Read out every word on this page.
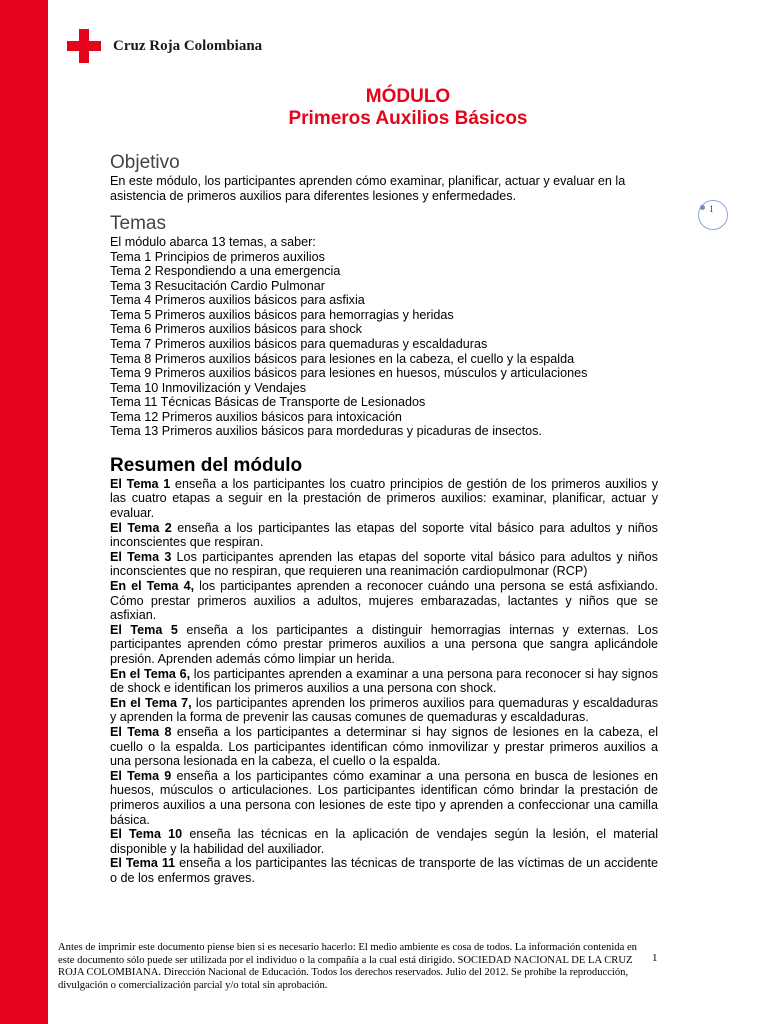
Cruz Roja Colombiana
MÓDULO
Primeros Auxilios Básicos
1
Objetivo
En este módulo, los participantes aprenden cómo examinar, planificar, actuar y evaluar en la asistencia de primeros auxilios para diferentes lesiones y enfermedades.
Temas
El módulo abarca 13 temas, a saber:
Tema 1 Principios de primeros auxilios
Tema 2 Respondiendo a una emergencia
Tema 3 Resucitación Cardio Pulmonar
Tema 4 Primeros auxilios básicos para asfixia
Tema 5 Primeros auxilios básicos para hemorragias y heridas
Tema 6 Primeros auxilios básicos para shock
Tema 7 Primeros auxilios básicos para quemaduras y escaldaduras
Tema 8 Primeros auxilios básicos para lesiones en la cabeza, el cuello y la espalda
Tema 9 Primeros auxilios básicos para lesiones en huesos, músculos y articulaciones
Tema 10 Inmovilización y Vendajes
Tema 11 Técnicas Básicas de Transporte de Lesionados
Tema 12 Primeros auxilios básicos para intoxicación
Tema 13 Primeros auxilios básicos para mordeduras y picaduras de insectos.
Resumen del módulo
El Tema 1 enseña a los participantes los cuatro principios de gestión de los primeros auxilios y las cuatro etapas a seguir en la prestación de primeros auxilios: examinar, planificar, actuar y evaluar.
El Tema 2 enseña a los participantes las etapas del soporte vital básico para adultos y niños inconscientes que respiran.
El Tema 3 Los participantes aprenden las etapas del soporte vital básico para adultos y niños inconscientes que no respiran, que requieren una reanimación cardiopulmonar (RCP)
En el Tema 4, los participantes aprenden a reconocer cuándo una persona se está asfixiando. Cómo prestar primeros auxilios a adultos, mujeres embarazadas, lactantes y niños que se asfixian.
El Tema 5 enseña a los participantes a distinguir hemorragias internas y externas. Los participantes aprenden cómo prestar primeros auxilios a una persona que sangra aplicándole presión. Aprenden además cómo limpiar un herida.
En el Tema 6, los participantes aprenden a examinar a una persona para reconocer si hay signos de shock e identifican los primeros auxilios a una persona con shock.
En el Tema 7, los participantes aprenden los primeros auxilios para quemaduras y escaldaduras y aprenden la forma de prevenir las causas comunes de quemaduras y escaldaduras.
El Tema 8 enseña a los participantes a determinar si hay signos de lesiones en la cabeza, el cuello o la espalda. Los participantes identifican cómo inmovilizar y prestar primeros auxilios a una persona lesionada en la cabeza, el cuello o la espalda.
El Tema 9 enseña a los participantes cómo examinar a una persona en busca de lesiones en huesos, músculos o articulaciones. Los participantes identifican cómo brindar la prestación de primeros auxilios a una persona con lesiones de este tipo y aprenden a confeccionar una camilla básica.
El Tema 10 enseña las técnicas en la aplicación de vendajes según la lesión, el material disponible y la habilidad del auxiliador.
El Tema 11 enseña a los participantes las técnicas de transporte de las víctimas de un accidente o de los enfermos graves.
Antes de imprimir este documento piense bien si es necesario hacerlo: El medio ambiente es cosa de todos. La información contenida en este documento sólo puede ser utilizada por el individuo o la compañía a la cual está dirigido. SOCIEDAD NACIONAL DE LA CRUZ ROJA COLOMBIANA. Dirección Nacional de Educación. Todos los derechos reservados. Julio del 2012. Se prohíbe la reproducción, divulgación o comercialización parcial y/o total sin aprobación.
1
